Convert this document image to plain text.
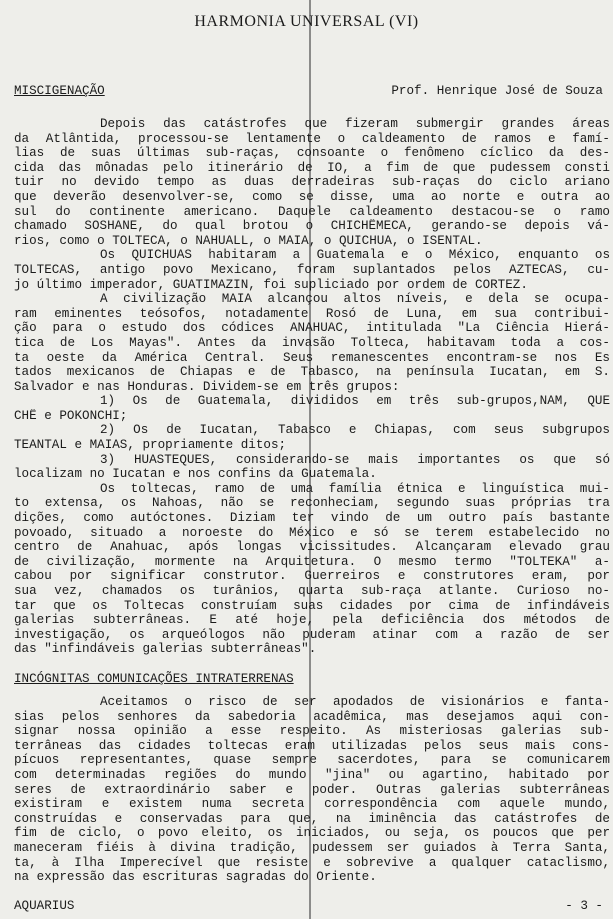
HARMONIA UNIVERSAL (VI)
MISCIGENAÇÃO	Prof. Henrique José de Souza
Depois das catástrofes que fizeram submergir grandes áreas
da Atlântida, processou-se lentamente o caldeamento de ramos e famí-
lias de suas últimas sub-raças, consoante o fenômeno cíclico da des-
cida das mônadas pelo itinerário de IO, a fim de que pudessem consti
tuir no devido tempo as duas derradeiras sub-raças do ciclo ariano
que deverão desenvolver-se, como se disse, uma ao norte e outra ao
sul do continente americano. Daquele caldeamento destacou-se o ramo
chamado SOSHANE, do qual brotou o CHICHÊMECA, gerando-se depois vá-
rios, como o TOLTECA, o NAHUALL, o MAIA, o QUICHUA, o ISENTAL.
Os QUICHUAS habitaram a Guatemala e o México, enquanto os
TOLTECAS, antigo povo Mexicano, foram suplantados pelos AZTECAS, cu-
jo último imperador, GUATIMAZIN, foi supliciado por ordem de CORTEZ.
A civilização MAIA alcançou altos níveis, e dela se ocupa-
ram eminentes teósofos, notadamente Rosó de Luna, em sua contribui-
ção para o estudo dos códices ANAHUAC, intitulada "La Ciência Hierá-
tica de Los Mayas". Antes da invasão Tolteca, habitavam toda a cos-
ta oeste da América Central. Seus remanescentes encontram-se nos Es
tados mexicanos de Chiapas e de Tabasco, na península Iucatan, em S.
Salvador e nas Honduras. Dividem-se em três grupos:
1) Os de Guatemala, divididos em três sub-grupos,NAM, QUE
CHÊ e POKONCHI;
2) Os de Iucatan, Tabasco e Chiapas, com seus subgrupos
TEANTAL e MAIAS, propriamente ditos;
3) HUASTEQUES, considerando-se mais importantes os que só
localizam no Iucatan e nos confins da Guatemala.
Os toltecas, ramo de uma família étnica e linguística mui-
to extensa, os Nahoas, não se reconheciam, segundo suas próprias tra
dições, como autóctones. Diziam ter vindo de um outro país bastante
povoado, situado a noroeste do México e só se terem estabelecido no
centro de Anahuac, após longas vicissitudes. Alcançaram elevado grau
de civilização, mormente na Arquitetura. O mesmo termo "TOLTEKA" a-
cabou por significar construtor. Guerreiros e construtores eram, por
sua vez, chamados os turânios, quarta sub-raça atlante. Curioso no-
tar que os Toltecas construíam suas cidades por cima de infindáveis
galerias subterrâneas. E até hoje, pela deficiência dos métodos de
investigação, os arqueólogos não puderam atinar com a razão de ser
das "infindáveis galerias subterrâneas".
INCÓGNITAS COMUNICAÇÕES INTRATERRENAS
Aceitamos o risco de ser apodados de visionários e fanta-
sias pelos senhores da sabedoria acadêmica, mas desejamos aqui con-
signar nossa opinião a esse respeito. As misteriosas galerias sub-
terrâneas das cidades toltecas eram utilizadas pelos seus mais cons-
pícuos representantes, quase sempre sacerdotes, para se comunicarem
com determinadas regiões do mundo "jina" ou agartino, habitado por
seres de extraordinário saber e poder. Outras galerias subterrâneas
existiram e existem numa secreta correspondência com aquele mundo,
construídas e conservadas para que, na iminência das catástrofes de
fim de ciclo, o povo eleito, os iniciados, ou seja, os poucos que per
maneceram fiéis à divina tradição, pudessem ser guiados à Terra Santa,
ta, à Ilha Imperecível que resiste e sobrevive a qualquer cataclismo,
na expressão das escrituras sagradas do Oriente.
AQUARIUS	- 3 -
